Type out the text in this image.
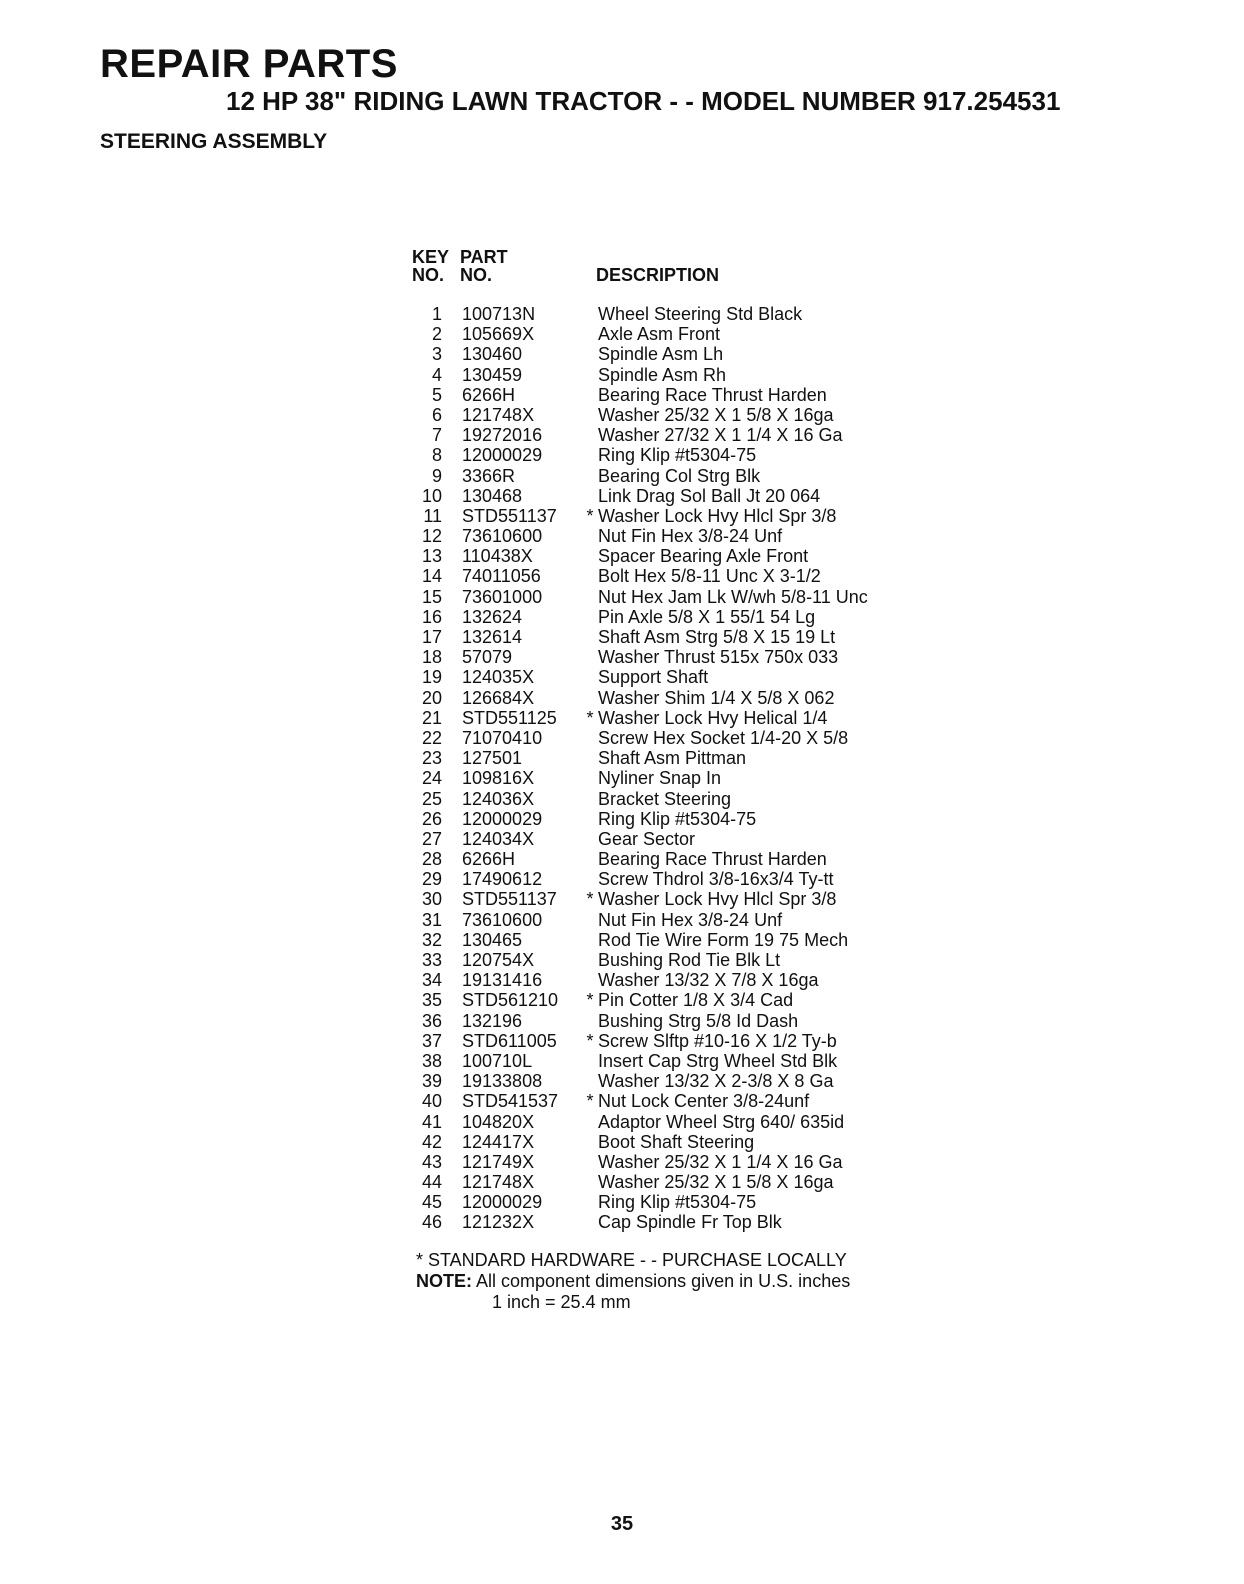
REPAIR PARTS
12 HP 38" RIDING LAWN TRACTOR - - MODEL NUMBER 917.254531
STEERING ASSEMBLY
KEY
NO.
PART
NO.	DESCRIPTION
1 100713N	Wheel Steering Std Black
2 105669X	Axle Asm Front
3 130460	Spindle Asm Lh
4 130459	Spindle Asm Rh
5 6266H	Bearing Race Thrust Harden
6 121748X	Washer 25/32 X 1 5/8 X 16ga
7 19272016	Washer 27/32 X 1 1/4 X 16 Ga
8 12000029	Ring Klip #t5304-75
9 3366R	Bearing Col Strg Blk
10 130468	Link Drag Sol Ball Jt 20 064
11 STD551137 * Washer Lock Hvy Hlcl Spr 3/8
12 73610600	Nut Fin Hex 3/8-24 Unf
13 110438X	Spacer Bearing Axle Front
14 74011056	Bolt Hex 5/8-11 Unc X 3-1/2
15 73601000	Nut Hex Jam Lk W/wh 5/8-11 Unc
16 132624	Pin Axle 5/8 X 1 55/1 54 Lg
17 132614	Shaft Asm Strg 5/8 X 15 19 Lt
18 57079	Washer Thrust 515x 750x 033
19 124035X	Support Shaft
20 126684X	Washer Shim 1/4 X 5/8 X 062
21 STD551125 * Washer Lock Hvy Helical 1/4
22 71070410	Screw Hex Socket 1/4-20 X 5/8
23 127501	Shaft Asm Pittman
24 109816X	Nyliner Snap In
25 124036X	Bracket Steering
26 12000029	Ring Klip #t5304-75
27 124034X	Gear Sector
28 6266H	Bearing Race Thrust Harden
29 17490612	Screw Thdrol 3/8-16x3/4 Ty-tt
30 STD551137 * Washer Lock Hvy Hlcl Spr 3/8
31 73610600	Nut Fin Hex 3/8-24 Unf
32 130465	Rod Tie Wire Form 19 75 Mech
33 120754X	Bushing Rod Tie Blk Lt
34 19131416	Washer 13/32 X 7/8 X 16ga
35 STD561210 * Pin Cotter 1/8 X 3/4 Cad
36 132196	Bushing Strg 5/8 Id Dash
37 STD611005 * Screw Slftp #10-16 X 1/2 Ty-b
38 100710L	Insert Cap Strg Wheel Std Blk
39 19133808	Washer 13/32 X 2-3/8 X 8 Ga
40 STD541537 * Nut Lock Center 3/8-24unf
41 104820X	Adaptor Wheel Strg 640/ 635id
42 124417X	Boot Shaft Steering
43 121749X	Washer 25/32 X 1 1/4 X 16 Ga
44 121748X	Washer 25/32 X 1 5/8 X 16ga
45 12000029	Ring Klip #t5304-75
46 121232X	Cap Spindle Fr Top Blk
* STANDARD HARDWARE - - PURCHASE LOCALLY
NOTE: All component dimensions given in U.S. inches
1 inch = 25.4 mm
35
